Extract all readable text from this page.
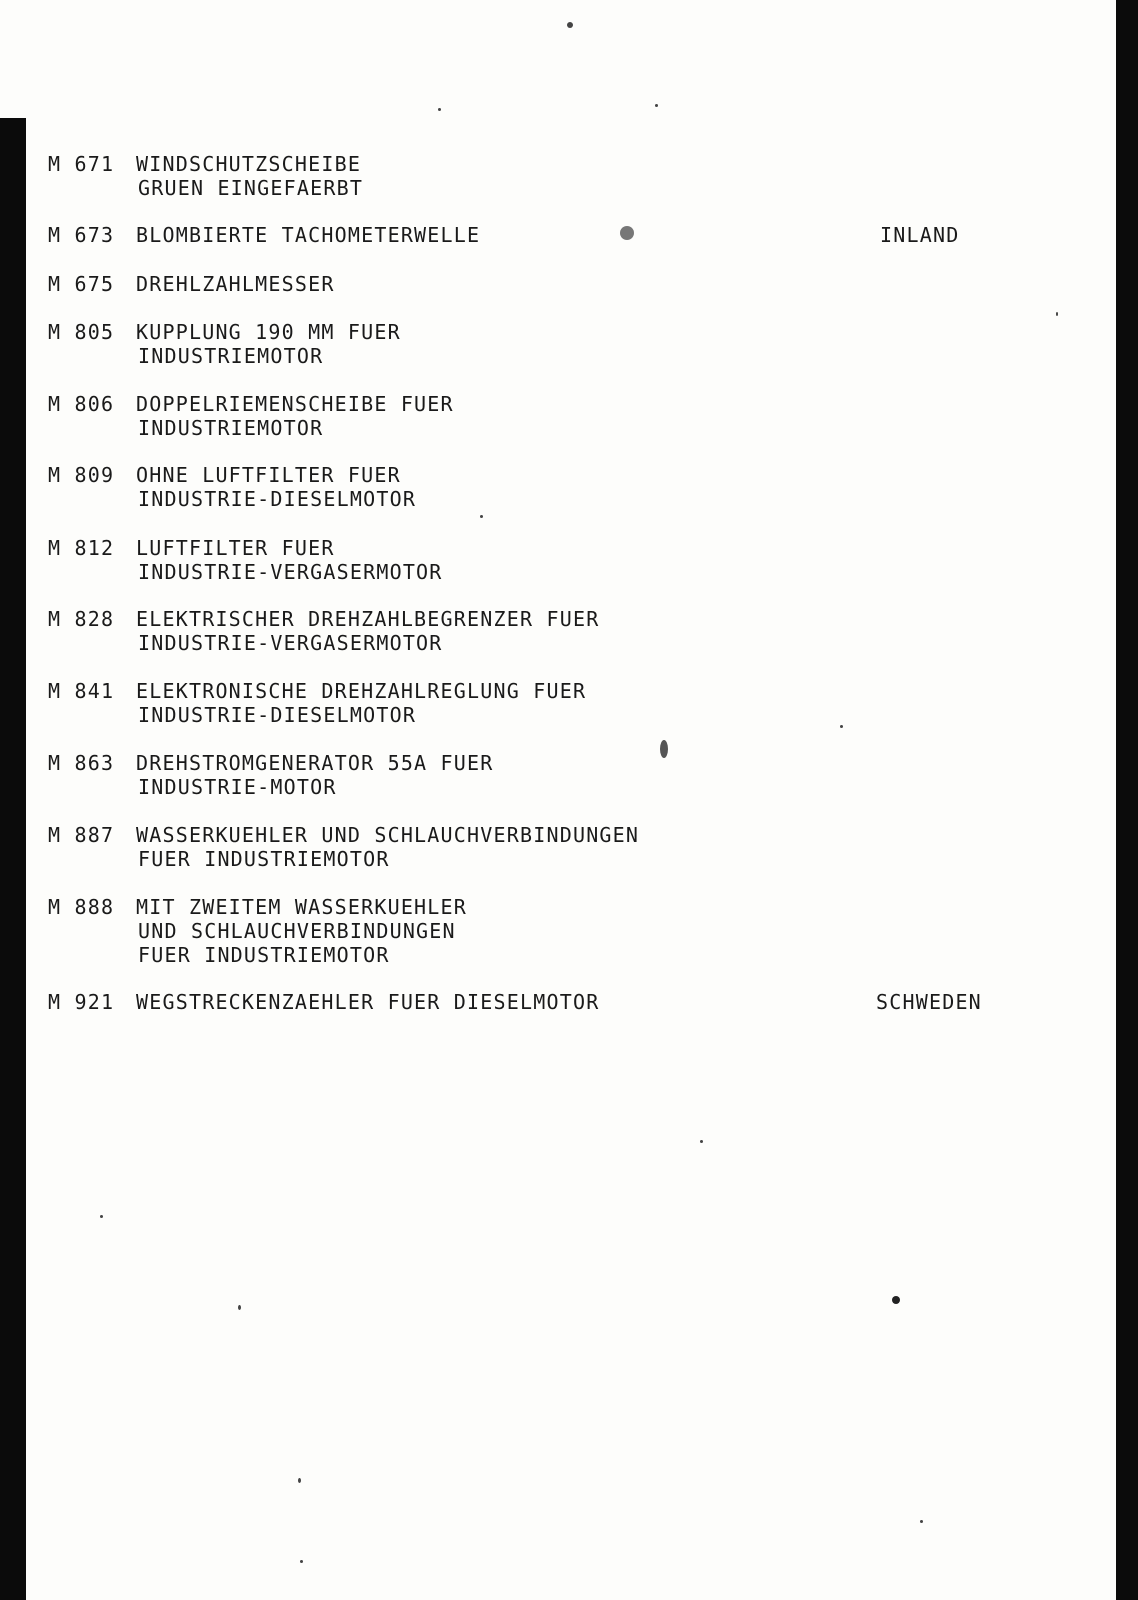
M 671 WINDSCHUTZSCHEIBE
GRUEN EINGEFAERBT
M 673 BLOMBIERTE TACHOMETERWELLE	INLAND
M 675 DREHLZAHLMESSER
M 805 KUPPLUNG 190 MM FUER
INDUSTRIEMOTOR
M 806 DOPPELRIEMENSCHEIBE FUER
INDUSTRIEMOTOR
M 809 OHNE LUFTFILTER FUER
INDUSTRIE-DIESELMOTOR
M 812 LUFTFILTER FUER
INDUSTRIE-VERGASERMOTOR
M 828 ELEKTRISCHER DREHZAHLBEGRENZER FUER
INDUSTRIE-VERGASERMOTOR
M 841 ELEKTRONISCHE DREHZAHLREGLUNG FUER
INDUSTRIE-DIESELMOTOR
M 863 DREHSTROMGENERATOR 55A FUER
INDUSTRIE-MOTOR
M 887 WASSERKUEHLER UND SCHLAUCHVERBINDUNGEN
FUER INDUSTRIEMOTOR
M 888 MIT ZWEITEM WASSERKUEHLER
UND SCHLAUCHVERBINDUNGEN
FUER INDUSTRIEMOTOR
M 921 WEGSTRECKENZAEHLER FUER DIESELMOTOR	SCHWEDEN
